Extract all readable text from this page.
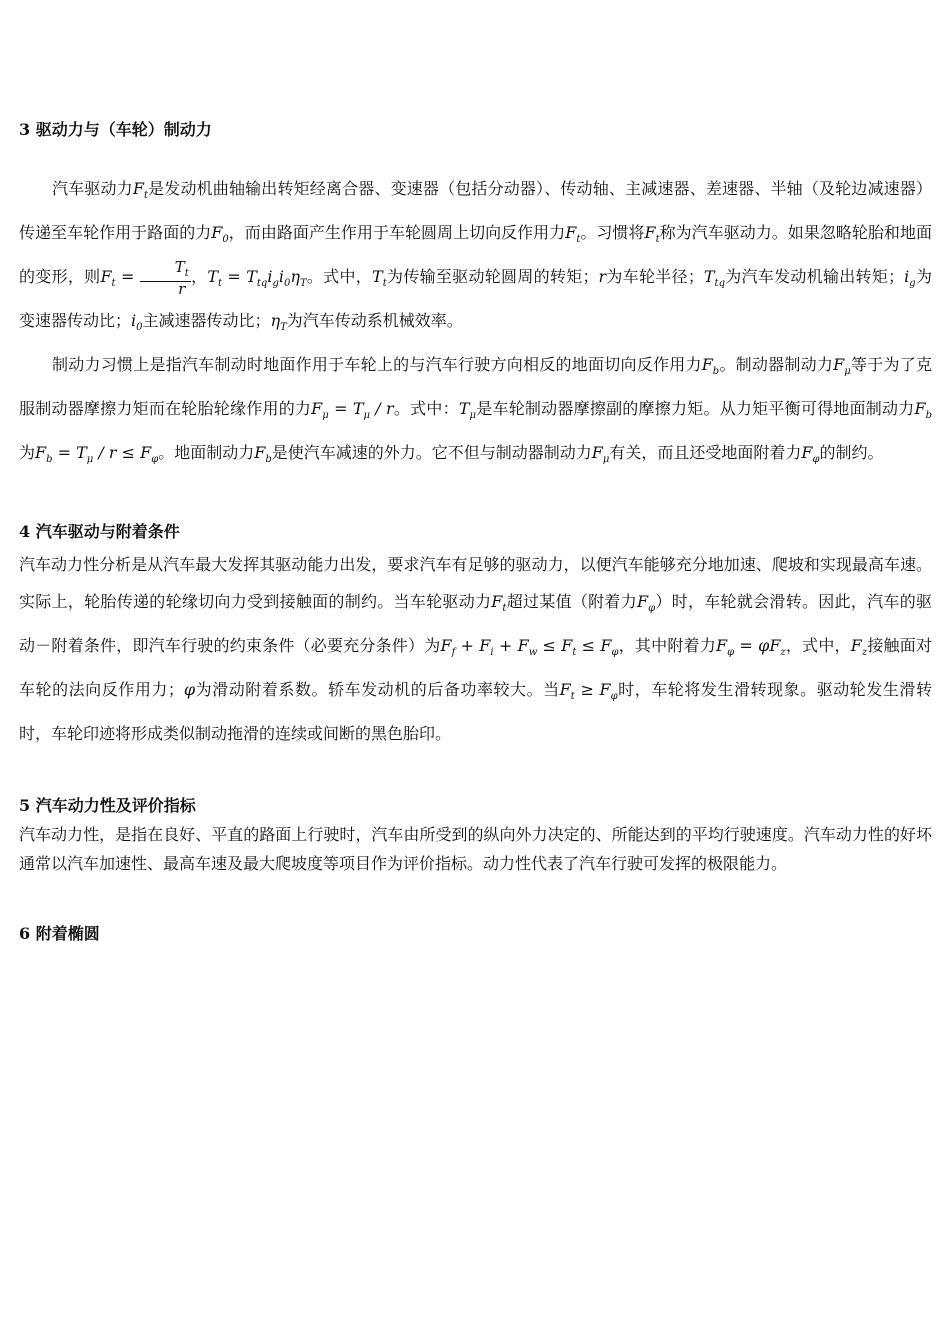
3 驱动力与（车轮）制动力

汽车驱动力$F_t$是发动机曲轴输出转矩经离合器、变速器（包括分动器）、传动轴、主减速器、差速器、半轴（及轮边减速器）传递至车轮作用于路面的力$F_0$，而由路面产生作用于车轮圆周上切向反作用力$F_t$。习惯将$F_t$称为汽车驱动力。如果忽略轮胎和地面的变形，则$F_t = \frac{T_t}{r}$ ，$T_t = T_{tq}i_gi_0\eta_T$。式中，$T_t$为传输至驱动轮圆周的转矩；r为车轮半径；$T_{tq}$为汽车发动机输出转矩；$i_g$为变速器传动比；$i_0$主减速器传动比；$\eta_T$为汽车传动系机械效率。

制动力习惯上是指汽车制动时地面作用于车轮上的与汽车行驶方向相反的地面切向反作用力$F_b$。制动器制动力$F_\mu$等于为了克服制动器摩擦力矩而在轮胎轮缘作用的力$F_\mu = T_\mu / r$。式中：$T_\mu$是车轮制动器摩擦副的摩擦力矩。从力矩平衡可得地面制动力$F_b$为$F_b = T_\mu / r \le F_\varphi$。地面制动力$F_b$是使汽车减速的外力。它不但与制动器制动力$F_\mu$有关，而且还受地面附着力$F_\varphi$的制约。

4 汽车驱动与附着条件

汽车动力性分析是从汽车最大发挥其驱动能力出发，要求汽车有足够的驱动力，以便汽车能够充分地加速、爬坡和实现最高车速。实际上，轮胎传递的轮缘切向力受到接触面的制约。当车轮驱动力$F_t$超过某值（附着力$F_\varphi$）时，车轮就会滑转。因此，汽车的驱动－附着条件，即汽车行驶的约束条件（必要充分条件）为$F_f + F_i + F_w \le F_t \le F_\varphi$，其中附着力$F_\varphi = \varphi F_z$，式中，$F_z$接触面对车轮的法向反作用力；φ为滑动附着系数。轿车发动机的后备功率较大。当$F_t \ge F_\varphi$时，车轮将发生滑转现象。驱动轮发生滑转时，车轮印迹将形成类似制动拖滑的连续或间断的黑色胎印。

5 汽车动力性及评价指标

汽车动力性，是指在良好、平直的路面上行驶时，汽车由所受到的纵向外力决定的、所能达到的平均行驶速度。汽车动力性的好坏通常以汽车加速性、最高车速及最大爬坡度等项目作为评价指标。动力性代表了汽车行驶可发挥的极限能力。

6 附着椭圆
